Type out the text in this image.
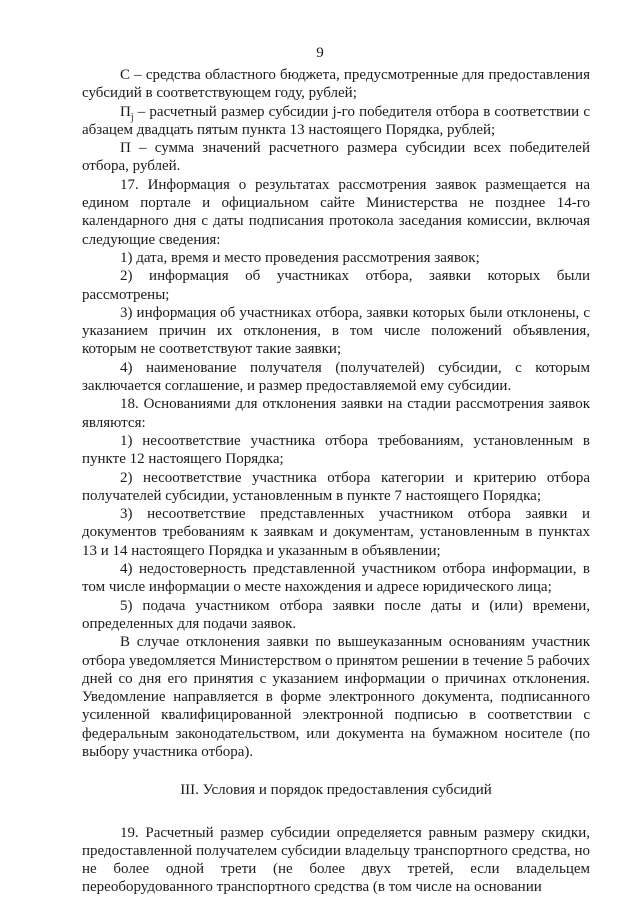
9

С – средства областного бюджета, предусмотренные для предоставления субсидий в соответствующем году, рублей;

$П_j$ – расчетный размер субсидии j-го победителя отбора в соответствии с абзацем двадцать пятым пункта 13 настоящего Порядка, рублей;

П – сумма значений расчетного размера субсидии всех победителей отбора, рублей.

17. Информация о результатах рассмотрения заявок размещается на едином портале и официальном сайте Министерства не позднее 14-го календарного дня с даты подписания протокола заседания комиссии, включая следующие сведения:

1) дата, время и место проведения рассмотрения заявок;

2) информация об участниках отбора, заявки которых были рассмотрены;

3) информация об участниках отбора, заявки которых были отклонены, с указанием причин их отклонения, в том числе положений объявления, которым не соответствуют такие заявки;

4) наименование получателя (получателей) субсидии, с которым заключается соглашение, и размер предоставляемой ему субсидии.

18. Основаниями для отклонения заявки на стадии рассмотрения заявок являются:

1) несоответствие участника отбора требованиям, установленным в пункте 12 настоящего Порядка;

2) несоответствие участника отбора категории и критерию отбора получателей субсидии, установленным в пункте 7 настоящего Порядка;

3) несоответствие представленных участником отбора заявки и документов требованиям к заявкам и документам, установленным в пунктах 13 и 14 настоящего Порядка и указанным в объявлении;

4) недостоверность представленной участником отбора информации, в том числе информации о месте нахождения и адресе юридического лица;

5) подача участником отбора заявки после даты и (или) времени, определенных для подачи заявок.

В случае отклонения заявки по вышеуказанным основаниям участник отбора уведомляется Министерством о принятом решении в течение 5 рабочих дней со дня его принятия с указанием информации о причинах отклонения. Уведомление направляется в форме электронного документа, подписанного усиленной квалифицированной электронной подписью в соответствии с федеральным законодательством, или документа на бумажном носителе (по выбору участника отбора).

III. Условия и порядок предоставления субсидий

19. Расчетный размер субсидии определяется равным размеру скидки, предоставленной получателем субсидии владельцу транспортного средства, но не более одной трети (не более двух третей, если владельцем переоборудованного транспортного средства (в том числе на основании
